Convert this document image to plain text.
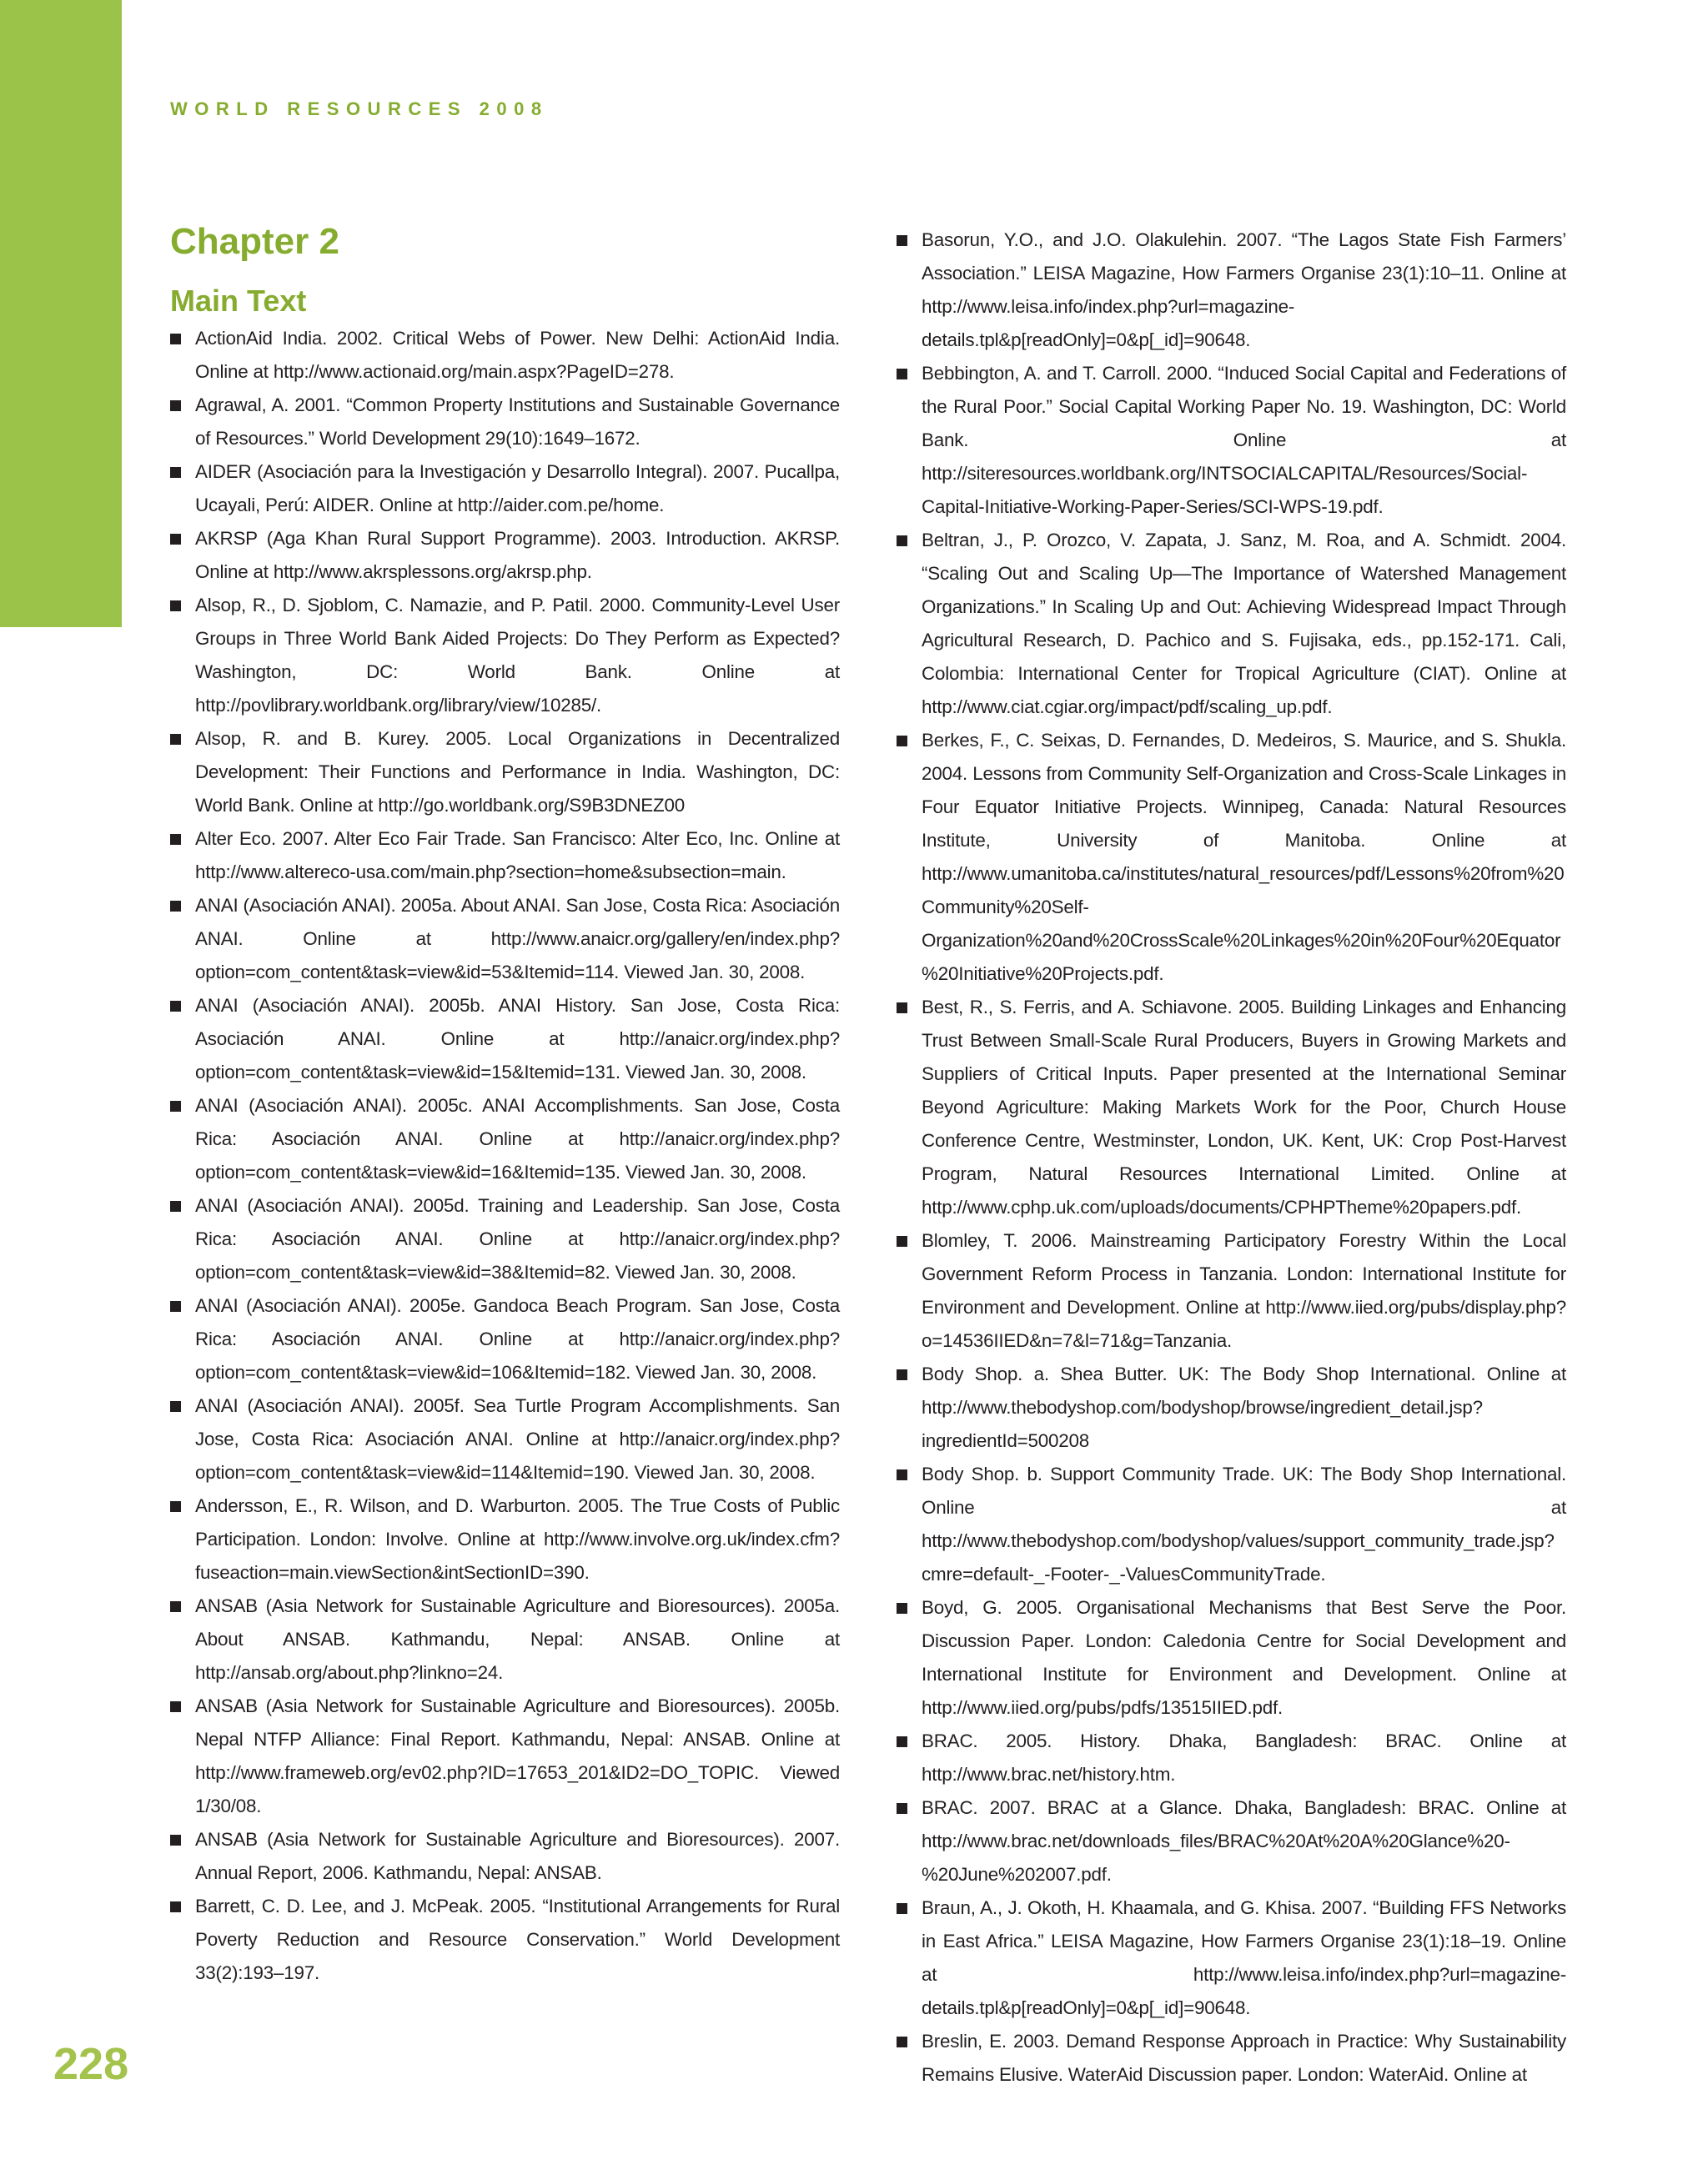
WORLD RESOURCES 2008
Chapter 2
Main Text
ActionAid India. 2002. Critical Webs of Power. New Delhi: ActionAid India. Online at http://www.actionaid.org/main.aspx?PageID=278.
Agrawal, A. 2001. “Common Property Institutions and Sustainable Governance of Resources.” World Development 29(10):1649–1672.
AIDER (Asociación para la Investigación y Desarrollo Integral). 2007. Pucallpa, Ucayali, Perú: AIDER. Online at http://aider.com.pe/home.
AKRSP (Aga Khan Rural Support Programme). 2003. Introduction. AKRSP. Online at http://www.akrsplessons.org/akrsp.php.
Alsop, R., D. Sjoblom, C. Namazie, and P. Patil. 2000. Community-Level User Groups in Three World Bank Aided Projects: Do They Perform as Expected? Washington, DC: World Bank. Online at http://povlibrary.worldbank.org/library/view/10285/.
Alsop, R. and B. Kurey. 2005. Local Organizations in Decentralized Development: Their Functions and Performance in India. Washington, DC: World Bank. Online at http://go.worldbank.org/S9B3DNEZ00
Alter Eco. 2007. Alter Eco Fair Trade. San Francisco: Alter Eco, Inc. Online at http://www.altereco-usa.com/main.php?section=home&subsection=main.
ANAI (Asociación ANAI). 2005a. About ANAI. San Jose, Costa Rica: Asociación ANAI. Online at http://www.anaicr.org/gallery/en/index.php?option=com_content&task=view&id=53&Itemid=114. Viewed Jan. 30, 2008.
ANAI (Asociación ANAI). 2005b. ANAI History. San Jose, Costa Rica: Asociación ANAI. Online at http://anaicr.org/index.php?option=com_content&task=view&id=15&Itemid=131. Viewed Jan. 30, 2008.
ANAI (Asociación ANAI). 2005c. ANAI Accomplishments. San Jose, Costa Rica: Asociación ANAI. Online at http://anaicr.org/index.php?option=com_content&task=view&id=16&Itemid=135. Viewed Jan. 30, 2008.
ANAI (Asociación ANAI). 2005d. Training and Leadership. San Jose, Costa Rica: Asociación ANAI. Online at http://anaicr.org/index.php?option=com_content&task=view&id=38&Itemid=82. Viewed Jan. 30, 2008.
ANAI (Asociación ANAI). 2005e. Gandoca Beach Program. San Jose, Costa Rica: Asociación ANAI. Online at http://anaicr.org/index.php?option=com_content&task=view&id=106&Itemid=182. Viewed Jan. 30, 2008.
ANAI (Asociación ANAI). 2005f. Sea Turtle Program Accomplishments. San Jose, Costa Rica: Asociación ANAI. Online at http://anaicr.org/index.php?option=com_content&task=view&id=114&Itemid=190. Viewed Jan. 30, 2008.
Andersson, E., R. Wilson, and D. Warburton. 2005. The True Costs of Public Participation. London: Involve. Online at http://www.involve.org.uk/index.cfm?fuseaction=main.viewSection&intSectionID=390.
ANSAB (Asia Network for Sustainable Agriculture and Bioresources). 2005a. About ANSAB. Kathmandu, Nepal: ANSAB. Online at http://ansab.org/about.php?linkno=24.
ANSAB (Asia Network for Sustainable Agriculture and Bioresources). 2005b. Nepal NTFP Alliance: Final Report. Kathmandu, Nepal: ANSAB. Online at http://www.frameweb.org/ev02.php?ID=17653_201&ID2=DO_TOPIC. Viewed 1/30/08.
ANSAB (Asia Network for Sustainable Agriculture and Bioresources). 2007. Annual Report, 2006. Kathmandu, Nepal: ANSAB.
Barrett, C. D. Lee, and J. McPeak. 2005. “Institutional Arrangements for Rural Poverty Reduction and Resource Conservation.” World Development 33(2):193–197.
Basorun, Y.O., and J.O. Olakulehin. 2007. “The Lagos State Fish Farmers’ Association.” LEISA Magazine, How Farmers Organise 23(1):10–11. Online at http://www.leisa.info/index.php?url=magazine-details.tpl&p[readOnly]=0&p[_id]=90648.
Bebbington, A. and T. Carroll. 2000. “Induced Social Capital and Federations of the Rural Poor.” Social Capital Working Paper No. 19. Washington, DC: World Bank. Online at http://siteresources.worldbank.org/INTSOCIALCAPITAL/Resources/Social-Capital-Initiative-Working-Paper-Series/SCI-WPS-19.pdf.
Beltran, J., P. Orozco, V. Zapata, J. Sanz, M. Roa, and A. Schmidt. 2004. “Scaling Out and Scaling Up—The Importance of Watershed Management Organizations.” In Scaling Up and Out: Achieving Widespread Impact Through Agricultural Research, D. Pachico and S. Fujisaka, eds., pp.152-171. Cali, Colombia: International Center for Tropical Agriculture (CIAT). Online at http://www.ciat.cgiar.org/impact/pdf/scaling_up.pdf.
Berkes, F., C. Seixas, D. Fernandes, D. Medeiros, S. Maurice, and S. Shukla. 2004. Lessons from Community Self-Organization and Cross-Scale Linkages in Four Equator Initiative Projects. Winnipeg, Canada: Natural Resources Institute, University of Manitoba. Online at http://www.umanitoba.ca/institutes/natural_resources/pdf/Lessons%20from%20Community%20Self-Organization%20and%20CrossScale%20Linkages%20in%20Four%20Equator%20Initiative%20Projects.pdf.
Best, R., S. Ferris, and A. Schiavone. 2005. Building Linkages and Enhancing Trust Between Small-Scale Rural Producers, Buyers in Growing Markets and Suppliers of Critical Inputs. Paper presented at the International Seminar Beyond Agriculture: Making Markets Work for the Poor, Church House Conference Centre, Westminster, London, UK. Kent, UK: Crop Post-Harvest Program, Natural Resources International Limited. Online at http://www.cphp.uk.com/uploads/documents/CPHPTheme%20papers.pdf.
Blomley, T. 2006. Mainstreaming Participatory Forestry Within the Local Government Reform Process in Tanzania. London: International Institute for Environment and Development. Online at http://www.iied.org/pubs/display.php?o=14536IIED&n=7&l=71&g=Tanzania.
Body Shop. a. Shea Butter. UK: The Body Shop International. Online at http://www.thebodyshop.com/bodyshop/browse/ingredient_detail.jsp?ingredientId=500208
Body Shop. b. Support Community Trade. UK: The Body Shop International. Online at http://www.thebodyshop.com/bodyshop/values/support_community_trade.jsp?cmre=default-_-Footer-_-ValuesCommunityTrade.
Boyd, G. 2005. Organisational Mechanisms that Best Serve the Poor. Discussion Paper. London: Caledonia Centre for Social Development and International Institute for Environment and Development. Online at http://www.iied.org/pubs/pdfs/13515IIED.pdf.
BRAC. 2005. History. Dhaka, Bangladesh: BRAC. Online at http://www.brac.net/history.htm.
BRAC. 2007. BRAC at a Glance. Dhaka, Bangladesh: BRAC. Online at http://www.brac.net/downloads_files/BRAC%20At%20A%20Glance%20-%20June%202007.pdf.
Braun, A., J. Okoth, H. Khaamala, and G. Khisa. 2007. “Building FFS Networks in East Africa.” LEISA Magazine, How Farmers Organise 23(1):18–19. Online at http://www.leisa.info/index.php?url=magazine-details.tpl&p[readOnly]=0&p[_id]=90648.
Breslin, E. 2003. Demand Response Approach in Practice: Why Sustainability Remains Elusive. WaterAid Discussion paper. London: WaterAid. Online at
228
